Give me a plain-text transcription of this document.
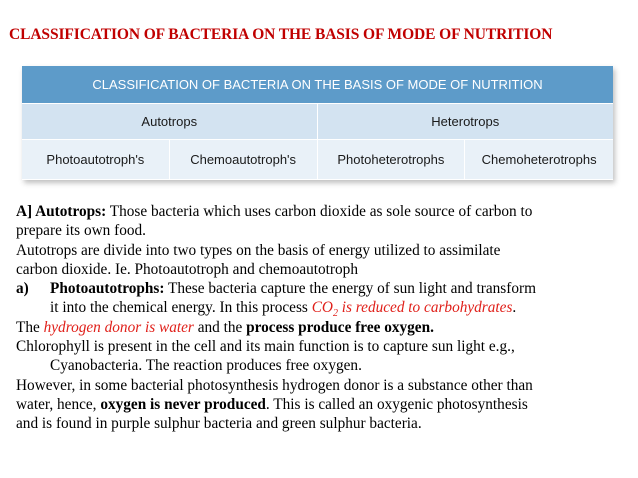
CLASSIFICATION OF BACTERIA ON THE BASIS OF MODE OF NUTRITION
CLASSIFICATION OF BACTERIA ON THE BASIS OF MODE OF NUTRITION			
Autotrops		Heterotrops	
Photoautotroph's	Chemoautotroph's	Photoheterotrophs	Chemoheterotrophs
A] Autotrops: Those bacteria which uses carbon dioxide as sole source of carbon to
prepare its own food.
Autotrops are divide into two types on the basis of energy utilized to assimilate
carbon dioxide. Ie. Photoautotroph and chemoautotroph
a) Photoautotrophs: These bacteria capture the energy of sun light and transform
it into the chemical energy. In this process $CO_2$ is reduced to carbohydrates.
The hydrogen donor is water and the process produce free oxygen.
Chlorophyll is present in the cell and its main function is to capture sun light e.g.,
Cyanobacteria. The reaction produces free oxygen.
However, in some bacterial photosynthesis hydrogen donor is a substance other than
water, hence, oxygen is never produced. This is called an oxygenic photosynthesis
and is found in purple sulphur bacteria and green sulphur bacteria.
